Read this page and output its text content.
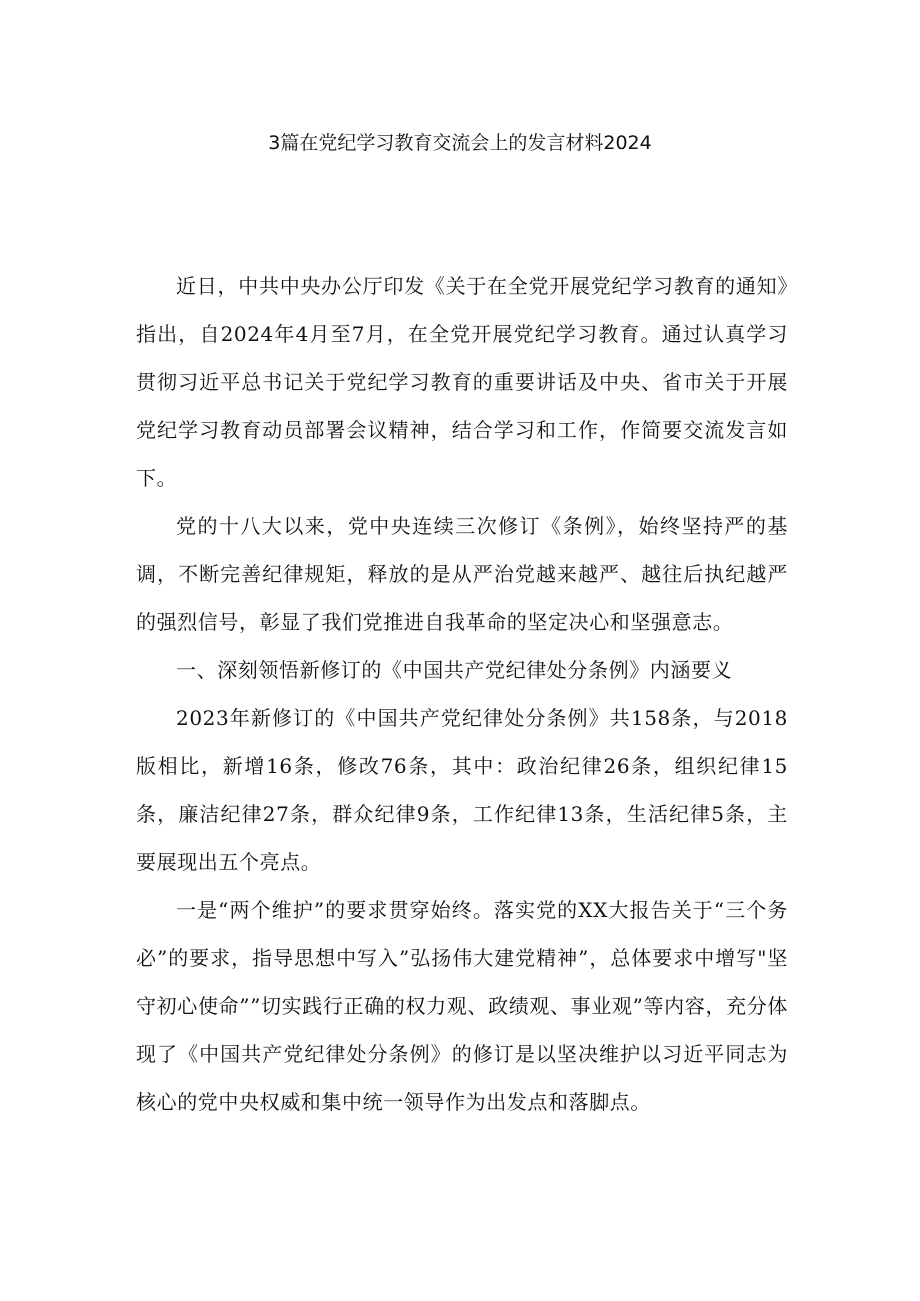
3篇在党纪学习教育交流会上的发言材料2024

近日，中共中央办公厅印发《关于在全党开展党纪学习教育的通知》指出，自2024年4月至7月，在全党开展党纪学习教育。通过认真学习贯彻习近平总书记关于党纪学习教育的重要讲话及中央、省市关于开展党纪学习教育动员部署会议精神，结合学习和工作，作简要交流发言如下。

党的十八大以来，党中央连续三次修订《条例》，始终坚持严的基调，不断完善纪律规矩，释放的是从严治党越来越严、越往后执纪越严的强烈信号，彰显了我们党推进自我革命的坚定决心和坚强意志。

一、深刻领悟新修订的《中国共产党纪律处分条例》内涵要义

2023年新修订的《中国共产党纪律处分条例》共158条，与2018版相比，新增16条，修改76条，其中：政治纪律26条，组织纪律15条，廉洁纪律27条，群众纪律9条，工作纪律13条，生活纪律5条，主要展现出五个亮点。

一是“两个维护”的要求贯穿始终。落实党的XX大报告关于“三个务必”的要求，指导思想中写入”弘扬伟大建党精神”，总体要求中增写"坚守初心使命””切实践行正确的权力观、政绩观、事业观”等内容，充分体现了《中国共产党纪律处分条例》的修订是以坚决维护以习近平同志为核心的党中央权威和集中统一领导作为出发点和落脚点。
